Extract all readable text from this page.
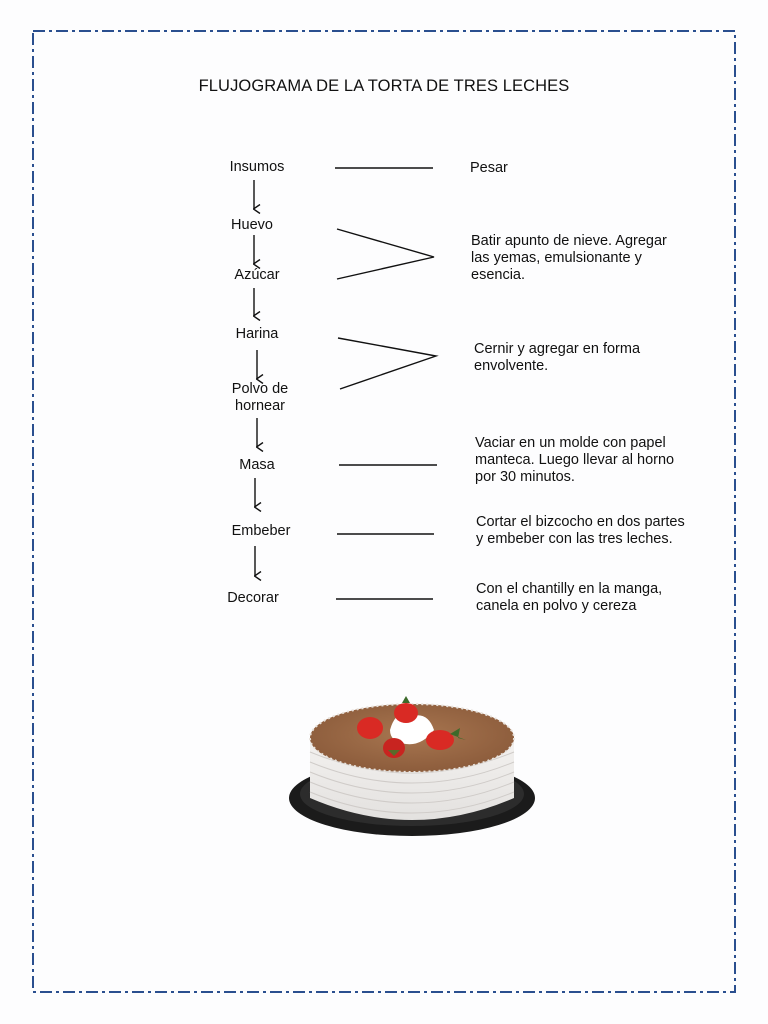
FLUJOGRAMA DE LA TORTA DE TRES LECHES
Insumos
Huevo
Azúcar
Harina
Polvo de
hornear
Masa
Embeber
Decorar
Pesar
Batir apunto de nieve. Agregar
las yemas, emulsionante y
esencia.
Cernir y agregar en forma
envolvente.
Vaciar en un molde con papel
manteca. Luego llevar al horno
por 30 minutos.
Cortar el bizcocho en dos partes
y embeber con las tres leches.
Con el chantilly en la manga,
canela en polvo y cereza
